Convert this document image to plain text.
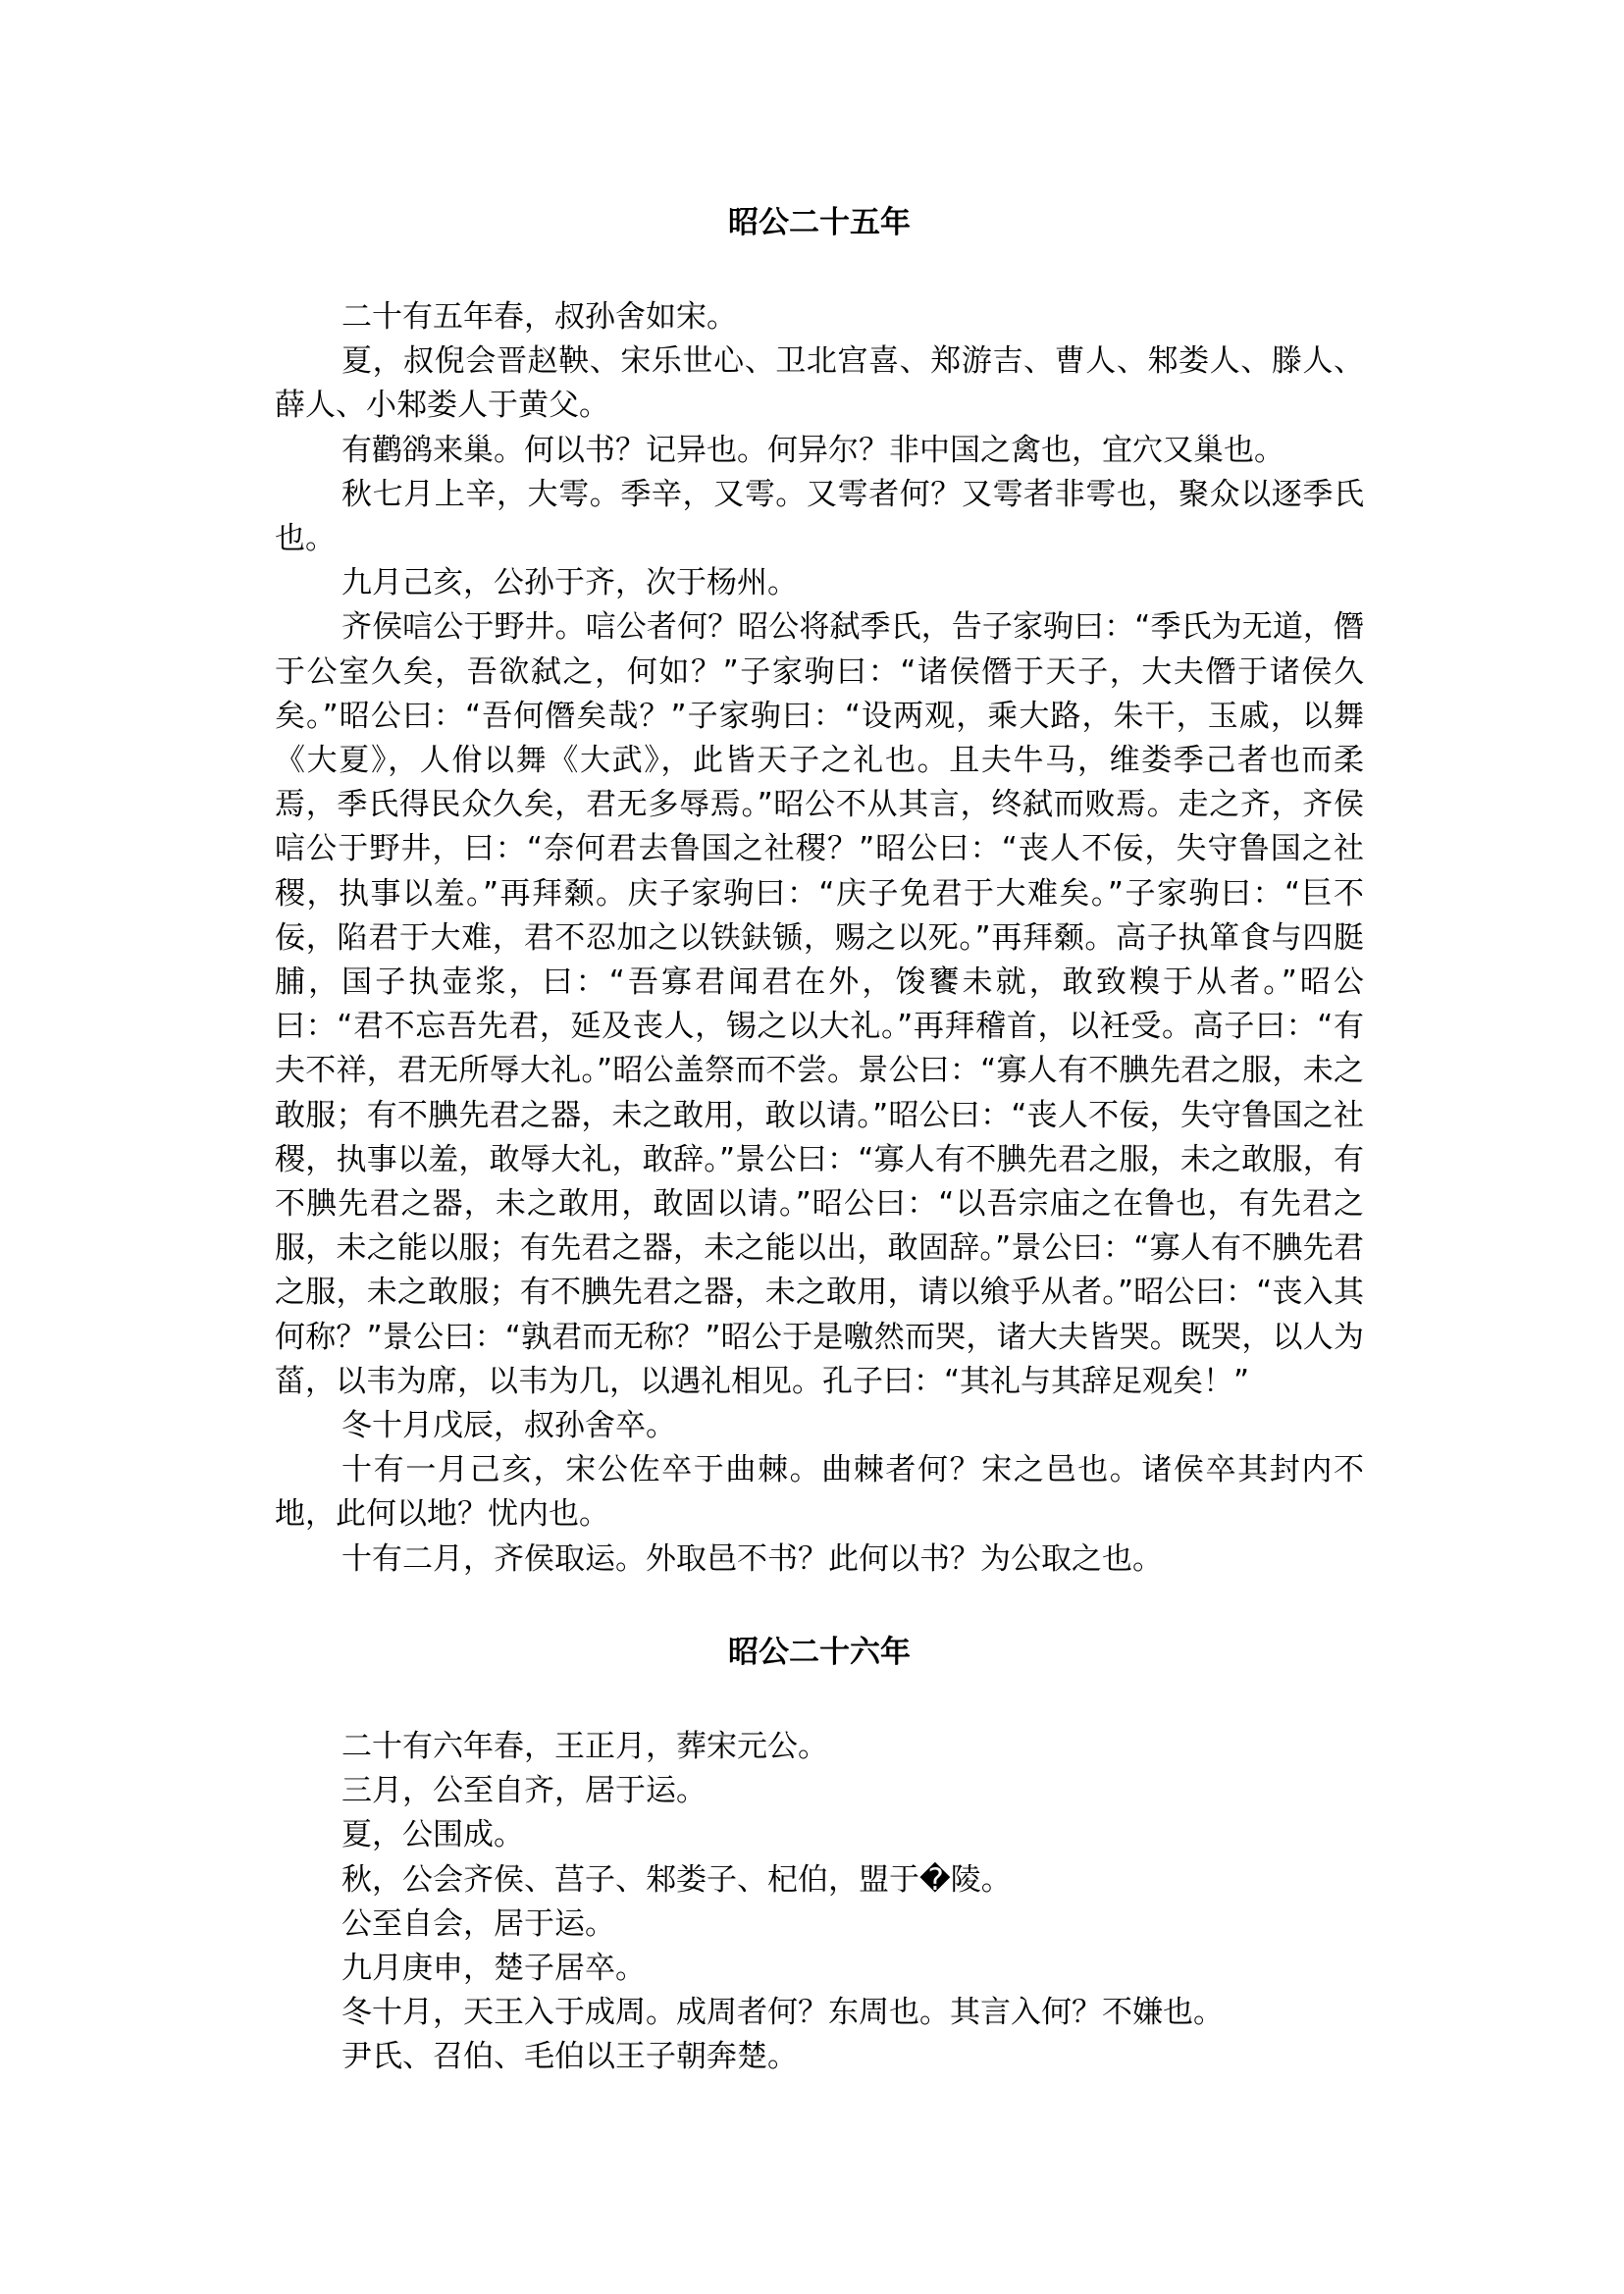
昭公二十五年

二十有五年春，叔孙舍如宋。

夏，叔倪会晋赵鞅、宋乐世心、卫北宫喜、郑游吉、曹人、邾娄人、滕人、薛人、小邾娄人于黄父。

有鹳鹆来巢。何以书？记异也。何异尔？非中国之禽也，宜穴又巢也。

秋七月上辛，大雩。季辛，又雩。又雩者何？又雩者非雩也，聚众以逐季氏也。

九月己亥，公孙于齐，次于杨州。

齐侯唁公于野井。唁公者何？昭公将弑季氏，告子家驹曰：“季氏为无道，僭于公室久矣，吾欲弑之，何如？”子家驹曰：“诸侯僭于天子，大夫僭于诸侯久矣。”昭公曰：“吾何僭矣哉？”子家驹曰：“设两观，乘大路，朱干，玉戚，以舞《大夏》，人佾以舞《大武》，此皆天子之礼也。且夫牛马，维娄季己者也而柔焉，季氏得民众久矣，君无多辱焉。”昭公不从其言，终弑而败焉。走之齐，齐侯唁公于野井，曰：“奈何君去鲁国之社稷？”昭公曰：“丧人不佞，失守鲁国之社稷，执事以羞。”再拜颡。庆子家驹曰：“庆子免君于大难矣。”子家驹曰：“巨不佞，陷君于大难，君不忍加之以铁鈇锧，赐之以死。”再拜颡。高子执箪食与四脡脯，国子执壶浆，曰：“吾寡君闻君在外，馂饔未就，敢致糗于从者。”昭公曰：“君不忘吾先君，延及丧人，锡之以大礼。”再拜稽首，以衽受。高子曰：“有夫不祥，君无所辱大礼。”昭公盖祭而不尝。景公曰：“寡人有不腆先君之服，未之敢服；有不腆先君之器，未之敢用，敢以请。”昭公曰：“丧人不佞，失守鲁国之社稷，执事以羞，敢辱大礼，敢辞。”景公曰：“寡人有不腆先君之服，未之敢服，有不腆先君之器，未之敢用，敢固以请。”昭公曰：“以吾宗庙之在鲁也，有先君之服，未之能以服；有先君之器，未之能以出，敢固辞。”景公曰：“寡人有不腆先君之服，未之敢服；有不腆先君之器，未之敢用，请以飨乎从者。”昭公曰：“丧入其何称？”景公曰：“孰君而无称？”昭公于是噭然而哭，诸大夫皆哭。既哭，以人为菑，以韦为席，以韦为几，以遇礼相见。孔子曰：“其礼与其辞足观矣！”

冬十月戊辰，叔孙舍卒。

十有一月己亥，宋公佐卒于曲棘。曲棘者何？宋之邑也。诸侯卒其封内不地，此何以地？忧内也。

十有二月，齐侯取运。外取邑不书？此何以书？为公取之也。

昭公二十六年

二十有六年春，王正月，葬宋元公。

三月，公至自齐，居于运。

夏，公围成。

秋，公会齐侯、莒子、邾娄子、杞伯，盟于�陵。

公至自会，居于运。

九月庚申，楚子居卒。

冬十月，天王入于成周。成周者何？东周也。其言入何？不嫌也。

尹氏、召伯、毛伯以王子朝奔楚。
